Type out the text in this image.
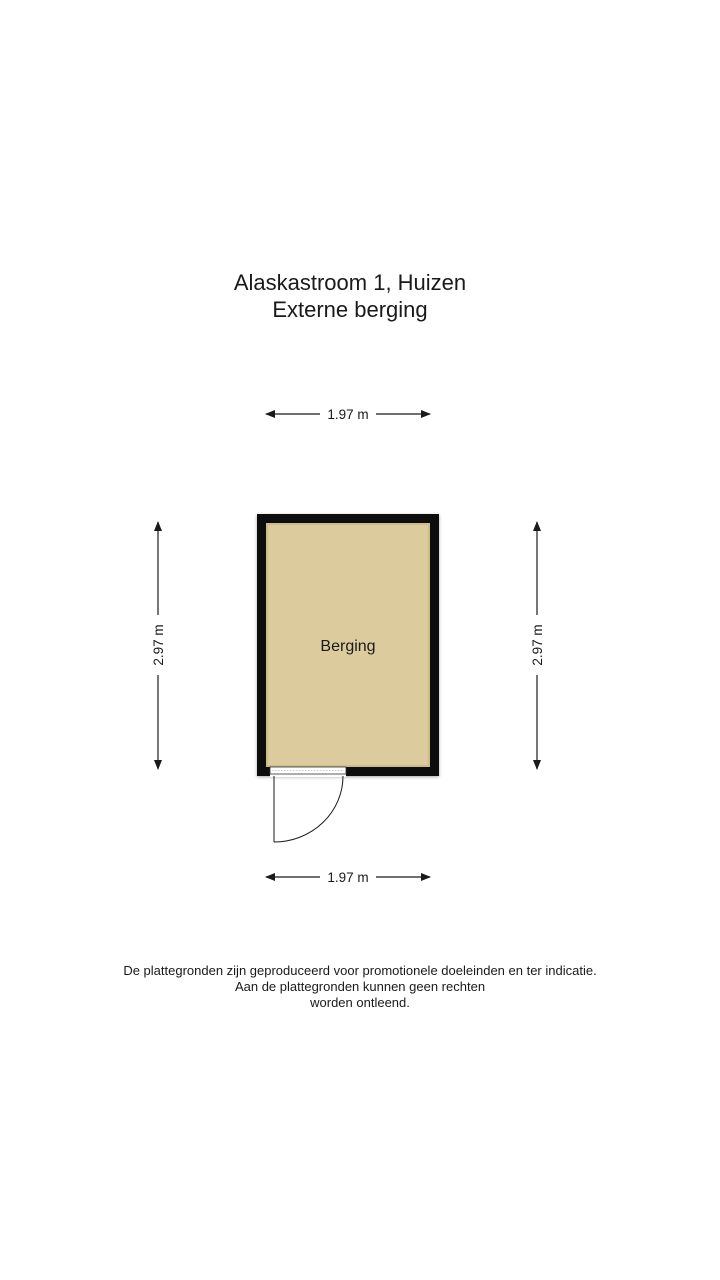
Alaskastroom 1, Huizen
Externe berging
1.97 m
1.97 m
2.97 m	2.97 m
Berging
De plattegronden zijn geproduceerd voor promotionele doeleinden en ter indicatie.
Aan de plattegronden kunnen geen rechten
worden ontleend.
